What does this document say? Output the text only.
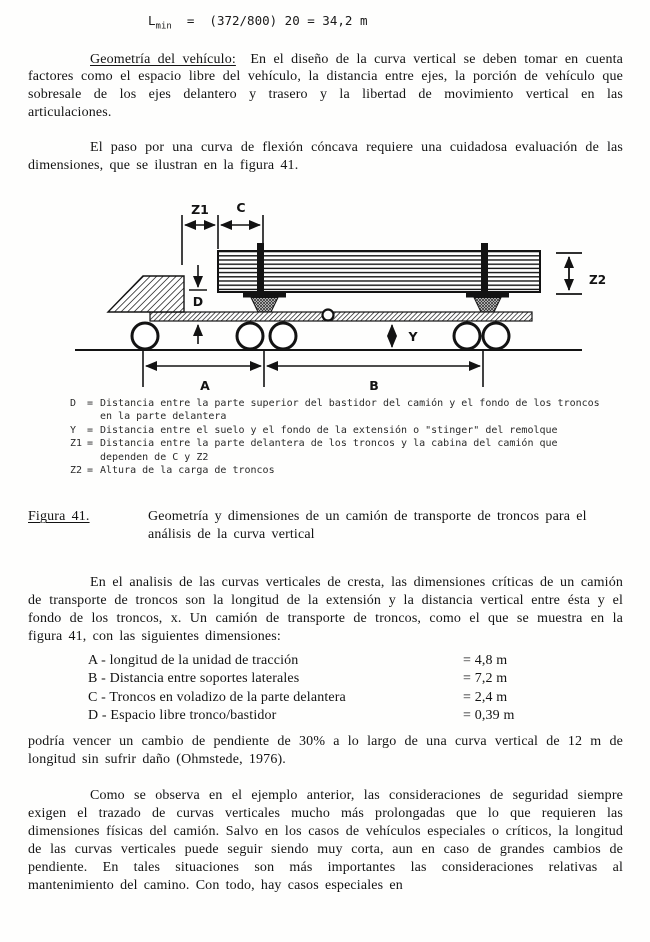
$L_{min} = (372/800) 20 = 34,2$ m

Geometría del vehículo: En el diseño de la curva vertical se deben tomar en cuenta factores como el espacio libre del vehículo, la distancia entre ejes, la porción de vehículo que sobresale de los ejes delantero y trasero y la libertad de movimiento vertical en las articulaciones.

El paso por una curva de flexión cóncava requiere una cuidadosa evaluación de las dimensiones, que se ilustran en la figura 41.

Z1 C
D
Y
Z2
A	B
D	= Distancia entre la parte superior del bastidor del camión y el fondo de los troncos
en la parte delantera
Y	= Distancia entre el suelo y el fondo de la extensión o "stinger" del remolque
Z1 = Distancia entre la parte delantera de los troncos y la cabina del camión que
dependen de C y Z2
Z2 = Altura de la carga de troncos
Figura 41.	Geometría y dimensiones de un camión de transporte de troncos para el análisis de la curva vertical

En el analisis de las curvas verticales de cresta, las dimensiones críticas de un camión de transporte de troncos son la longitud de la extensión y la distancia vertical entre ésta y el fondo de los troncos, x. Un camión de transporte de troncos, como el que se muestra en la figura 41, con las siguientes dimensiones:

A - longitud de la unidad de tracción	= 4,8 m
B - Distancia entre soportes laterales	= 7,2 m
C - Troncos en voladizo de la parte delantera	= 2,4 m
D - Espacio libre tronco/bastidor	= 0,39 m

podría vencer un cambio de pendiente de 30% a lo largo de una curva vertical de 12 m de longitud sin sufrir daño (Ohmstede, 1976).

Como se observa en el ejemplo anterior, las consideraciones de seguridad siempre exigen el trazado de curvas verticales mucho más prolongadas que lo que requieren las dimensiones físicas del camión. Salvo en los casos de vehículos especiales o críticos, la longitud de las curvas verticales puede seguir siendo muy corta, aun en caso de grandes cambios de pendiente. En tales situaciones son más importantes las consideraciones relativas al mantenimiento del camino. Con todo, hay casos especiales en
